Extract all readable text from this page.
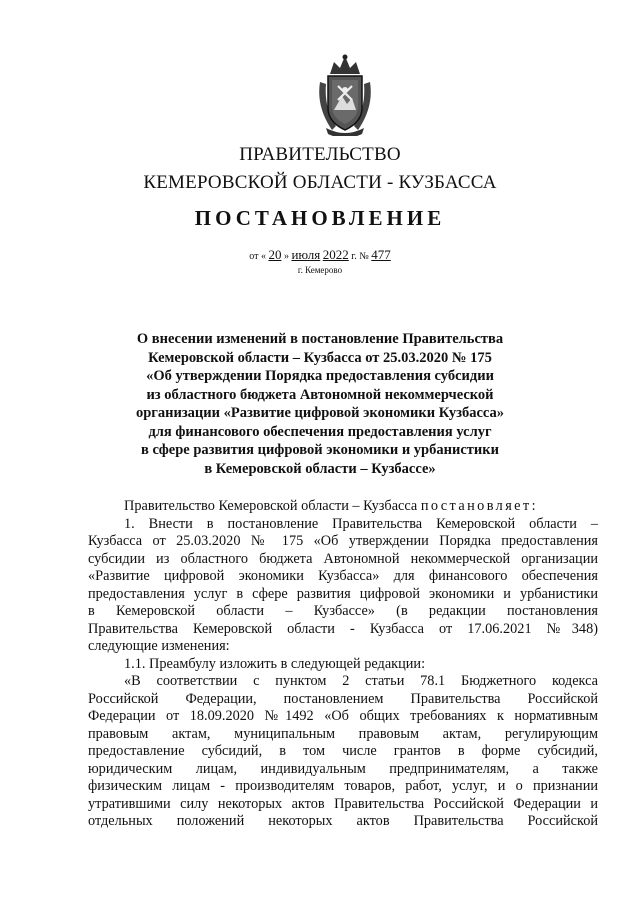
ПРАВИТЕЛЬСТВО
КЕМЕРОВСКОЙ ОБЛАСТИ - КУЗБАССА
ПОСТАНОВЛЕНИЕ
от « 20 » июля 2022 г. № 477
г. Кемерово
О внесении изменений в постановление Правительства
Кемеровской области – Кузбасса от 25.03.2020 № 175
«Об утверждении Порядка предоставления субсидии
из областного бюджета Автономной некоммерческой
организации «Развитие цифровой экономики Кузбасса»
для финансового обеспечения предоставления услуг
в сфере развития цифровой экономики и урбанистики
в Кемеровской области – Кузбассе»
Правительство Кемеровской области – Кузбасса постановляет:
1. Внести в постановление Правительства Кемеровской области –
Кузбасса от 25.03.2020 № 175 «Об утверждении Порядка предоставления
субсидии из областного бюджета Автономной некоммерческой организации
«Развитие цифровой экономики Кузбасса» для финансового обеспечения
предоставления услуг в сфере развития цифровой экономики и урбанистики
в Кемеровской области – Кузбассе» (в редакции постановления
Правительства Кемеровской области - Кузбасса от 17.06.2021 №348)
следующие изменения:
1.1. Преамбулу изложить в следующей редакции:
«В соответствии с пунктом 2 статьи 78.1 Бюджетного кодекса
Российской Федерации, постановлением Правительства Российской
Федерации от 18.09.2020 №1492 «Об общих требованиях к нормативным
правовым актам, муниципальным правовым актам, регулирующим
предоставление субсидий, в том числе грантов в форме субсидий,
юридическим лицам, индивидуальным предпринимателям, а также
физическим лицам - производителям товаров, работ, услуг, и о признании
утратившими силу некоторых актов Правительства Российской Федерации и
отдельных положений некоторых актов Правительства Российской
